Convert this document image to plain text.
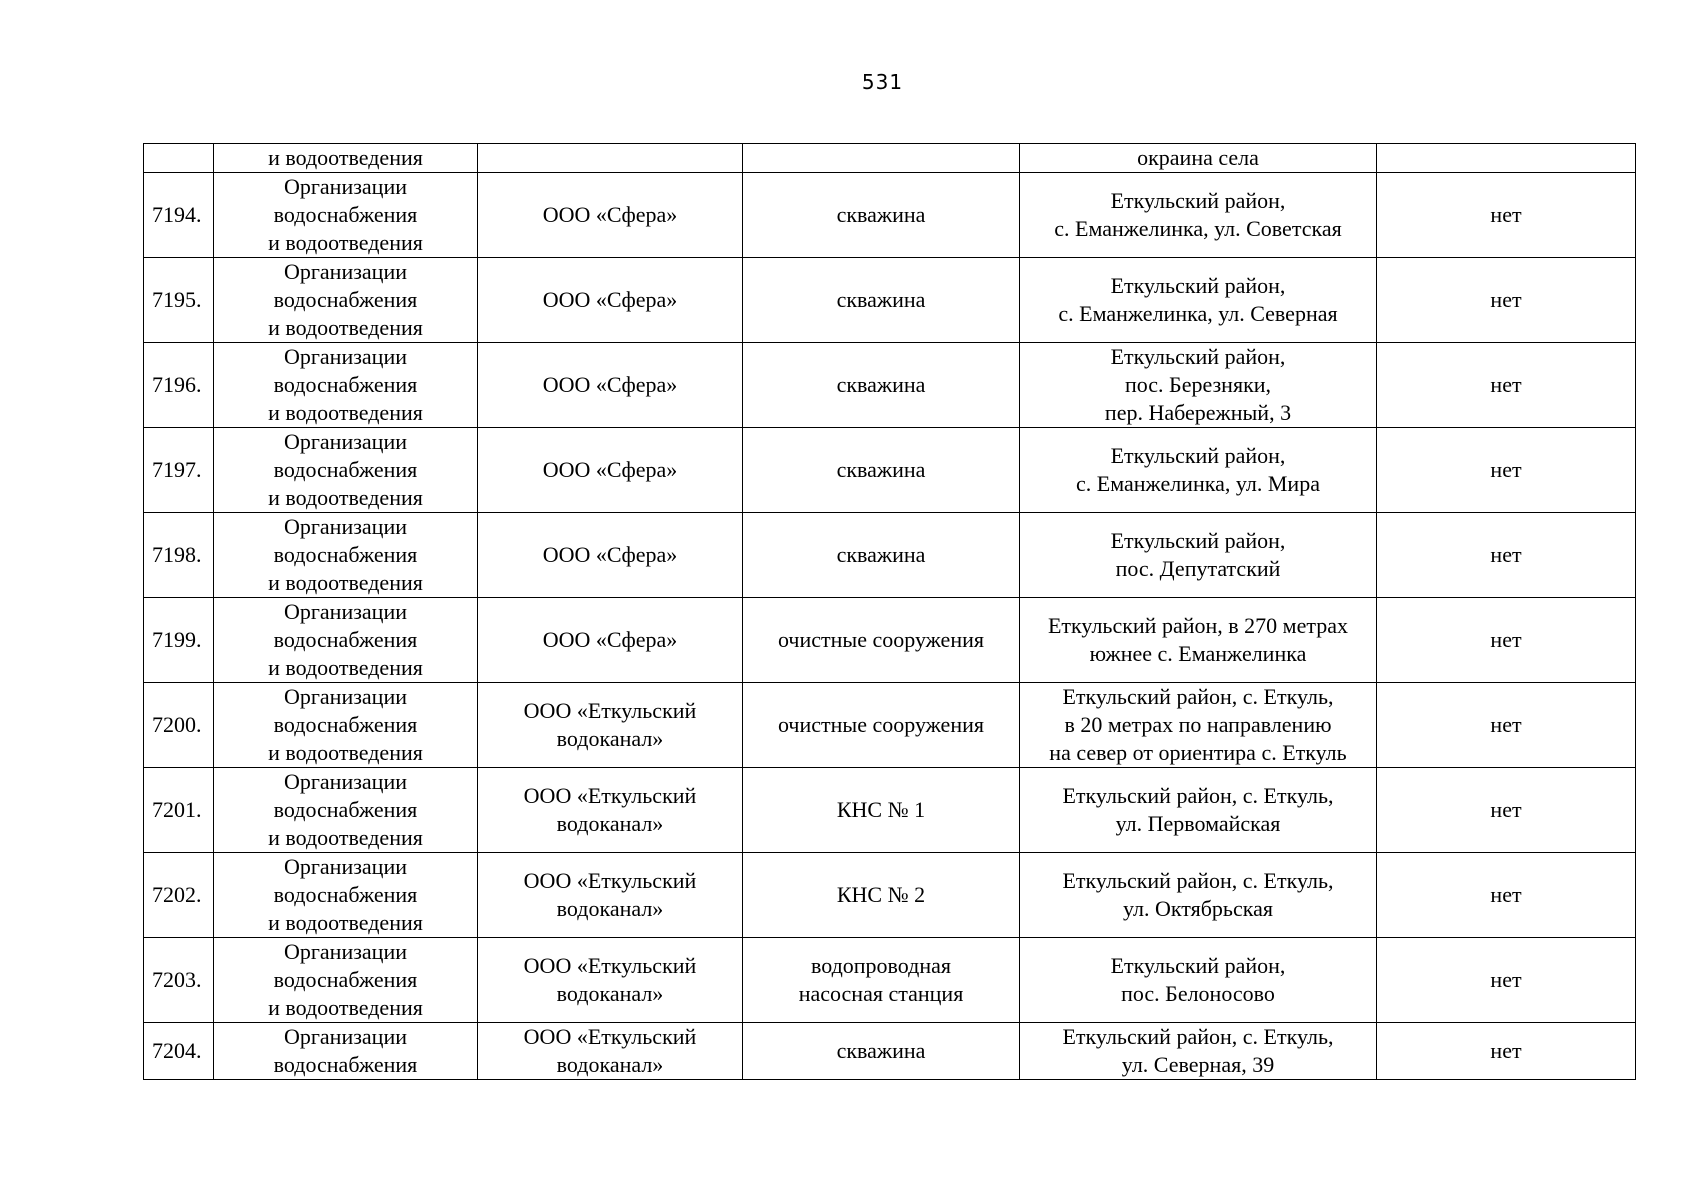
531

	и водоотведения			окраина села	

7194.	Организации
водоснабжения
и водоотведения	ООО «Сфера»	скважина	Еткульский район,
с. Еманжелинка, ул. Советская	нет

7195.	Организации
водоснабжения
и водоотведения	ООО «Сфера»	скважина	Еткульский район,
с. Еманжелинка, ул. Северная	нет

7196.	Организации
водоснабжения
и водоотведения	ООО «Сфера»	скважина	Еткульский район,
пос. Березняки,
пер. Набережный, 3	нет

7197.	Организации
водоснабжения
и водоотведения	ООО «Сфера»	скважина	Еткульский район,
с. Еманжелинка, ул. Мира	нет

7198.	Организации
водоснабжения
и водоотведения	ООО «Сфера»	скважина	Еткульский район,
пос. Депутатский	нет

7199.	Организации
водоснабжения
и водоотведения	ООО «Сфера»	очистные сооружения	Еткульский район, в 270 метрах
южнее с. Еманжелинка	нет

7200.	Организации
водоснабжения
и водоотведения	ООО «Еткульский
водоканал»	очистные сооружения	Еткульский район, с. Еткуль,
в 20 метрах по направлению
на север от ориентира с. Еткуль	нет

7201.	Организации
водоснабжения
и водоотведения	ООО «Еткульский
водоканал»	КНС № 1	Еткульский район, с. Еткуль,
ул. Первомайская	нет

7202.	Организации
водоснабжения
и водоотведения	ООО «Еткульский
водоканал»	КНС № 2	Еткульский район, с. Еткуль,
ул. Октябрьская	нет

7203.	Организации
водоснабжения
и водоотведения	ООО «Еткульский
водоканал»	водопроводная
насосная станция	Еткульский район,
пос. Белоносово	нет

7204.	Организации
водоснабжения	ООО «Еткульский
водоканал»	скважина	Еткульский район, с. Еткуль,
ул. Северная, 39	нет
